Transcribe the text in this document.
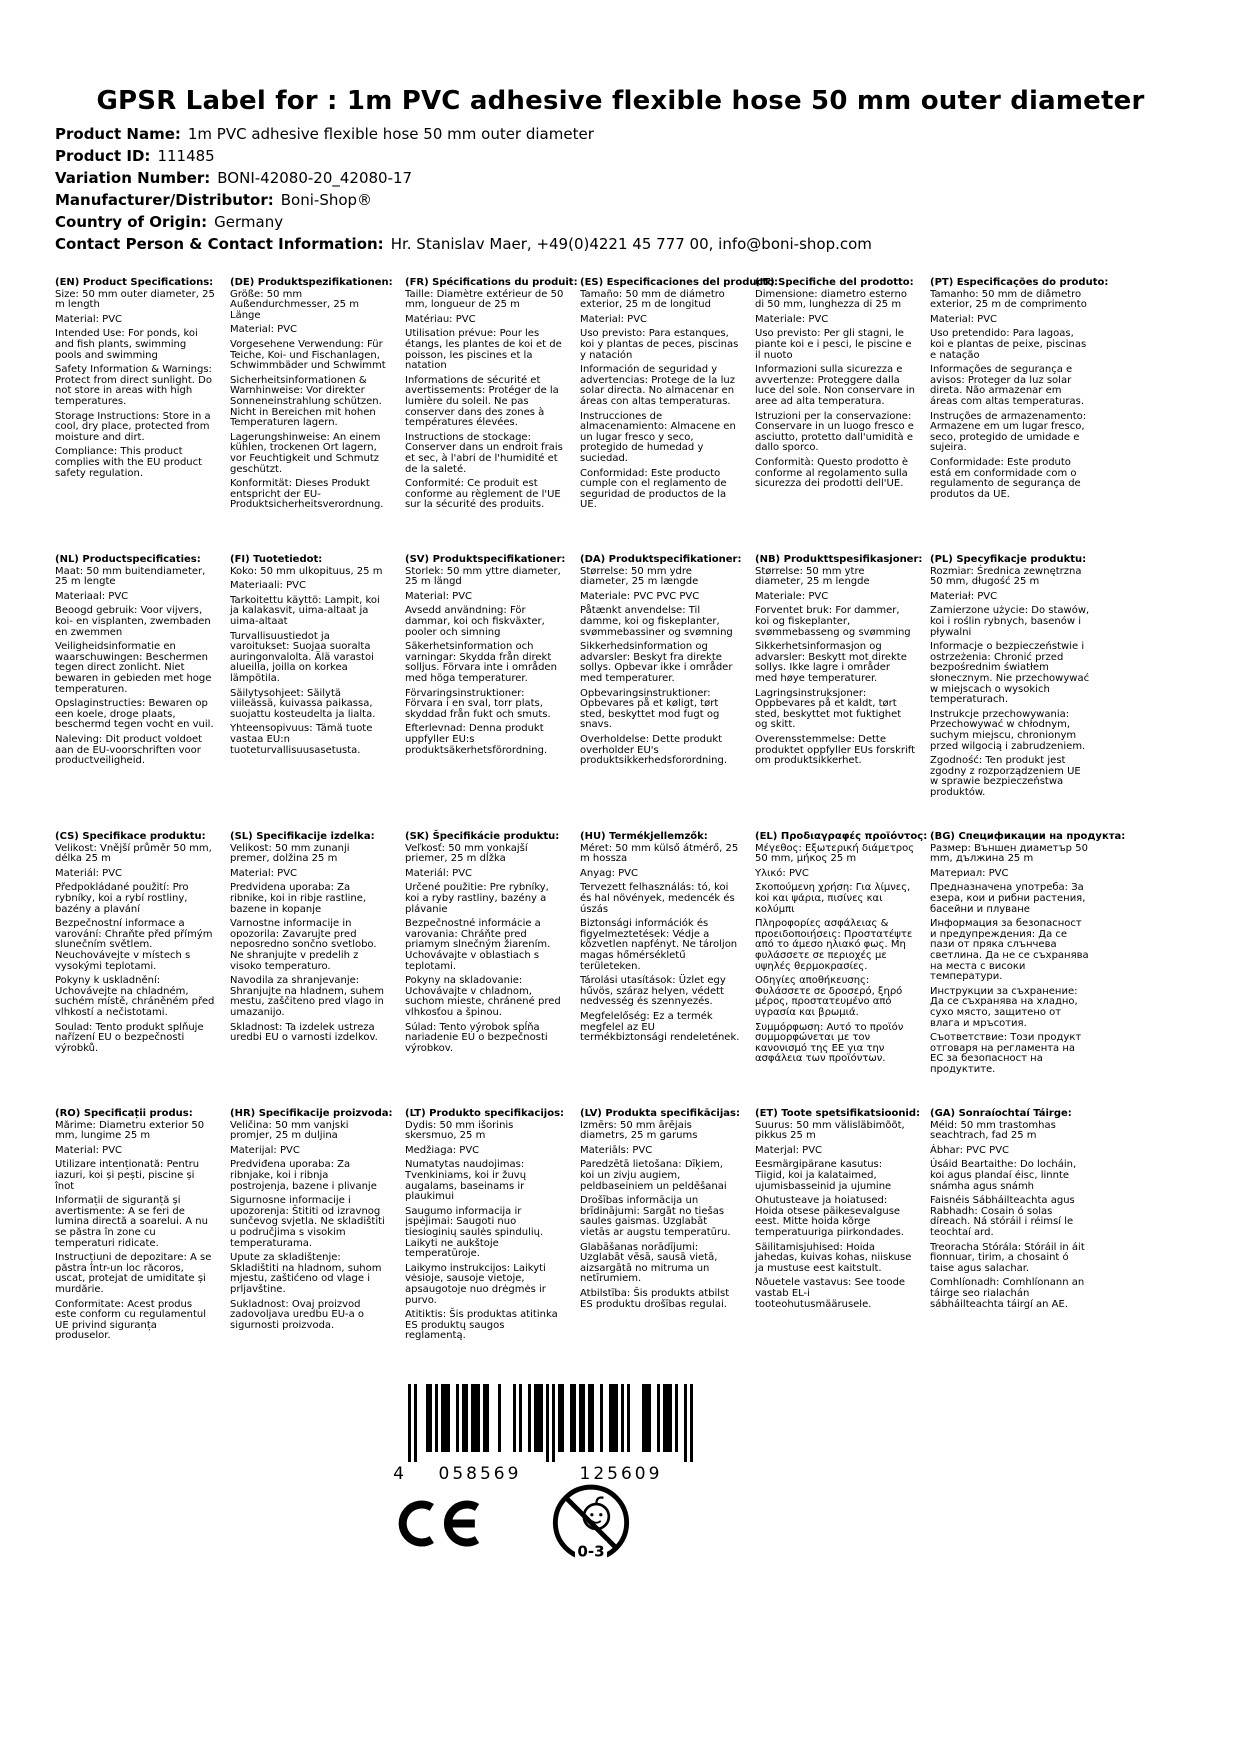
GPSR Label for : 1m PVC adhesive flexible hose 50 mm outer diameter
Product Name: 1m PVC adhesive flexible hose 50 mm outer diameter
Product ID: 111485
Variation Number: BONI-42080-20_42080-17
Manufacturer/Distributor: Boni-Shop®
Country of Origin: Germany
Contact Person & Contact Information: Hr. Stanislav Maer, +49(0)4221 45 777 00, info@boni-shop.com
(EN) Product Specifications:

Size: 50 mm outer diameter, 25 m length

Material: PVC

Intended Use: For ponds, koi and fish plants, swimming pools and swimming

Safety Information & Warnings: Protect from direct sunlight. Do not store in areas with high temperatures.

Storage Instructions: Store in a cool, dry place, protected from moisture and dirt.

Compliance: This product complies with the EU product safety regulation.

(DE) Produktspezifikationen:

Größe: 50 mm Außendurchmesser, 25 m Länge

Material: PVC

Vorgesehene Verwendung: Für Teiche, Koi- und Fischanlagen, Schwimmbäder und Schwimmt

Sicherheitsinformationen & Warnhinweise: Vor direkter Sonneneinstrahlung schützen. Nicht in Bereichen mit hohen Temperaturen lagern.

Lagerungshinweise: An einem kühlen, trockenen Ort lagern, vor Feuchtigkeit und Schmutz geschützt.

Konformität: Dieses Produkt entspricht der EU-Produktsicherheitsverordnung.

(FR) Spécifications du produit:

Taille: Diamètre extérieur de 50 mm, longueur de 25 m

Matériau: PVC

Utilisation prévue: Pour les étangs, les plantes de koi et de poisson, les piscines et la natation

Informations de sécurité et avertissements: Protéger de la lumière du soleil. Ne pas conserver dans des zones à températures élevées.

Instructions de stockage: Conserver dans un endroit frais et sec, à l'abri de l'humidité et de la saleté.

Conformité: Ce produit est conforme au règlement de l'UE sur la sécurité des produits.

(ES) Especificaciones del producto:

Tamaño: 50 mm de diámetro exterior, 25 m de longitud

Material: PVC

Uso previsto: Para estanques, koi y plantas de peces, piscinas y natación

Información de seguridad y advertencias: Protege de la luz solar directa. No almacenar en áreas con altas temperaturas.

Instrucciones de almacenamiento: Almacene en un lugar fresco y seco, protegido de humedad y suciedad.

Conformidad: Este producto cumple con el reglamento de seguridad de productos de la UE.

(IT) Specifiche del prodotto:

Dimensione: diametro esterno di 50 mm, lunghezza di 25 m

Materiale: PVC

Uso previsto: Per gli stagni, le piante koi e i pesci, le piscine e il nuoto

Informazioni sulla sicurezza e avvertenze: Proteggere dalla luce del sole. Non conservare in aree ad alta temperatura.

Istruzioni per la conservazione: Conservare in un luogo fresco e asciutto, protetto dall'umidità e dallo sporco.

Conformità: Questo prodotto è conforme al regolamento sulla sicurezza dei prodotti dell'UE.

(PT) Especificações do produto:

Tamanho: 50 mm de diâmetro exterior, 25 m de comprimento

Material: PVC

Uso pretendido: Para lagoas, koi e plantas de peixe, piscinas e natação

Informações de segurança e avisos: Proteger da luz solar direta. Não armazenar em áreas com altas temperaturas.

Instruções de armazenamento: Armazene em um lugar fresco, seco, protegido de umidade e sujeira.

Conformidade: Este produto está em conformidade com o regulamento de segurança de produtos da UE.

(NL) Productspecificaties:

Maat: 50 mm buitendiameter, 25 m lengte

Materiaal: PVC

Beoogd gebruik: Voor vijvers, koi- en visplanten, zwembaden en zwemmen

Veiligheidsinformatie en waarschuwingen: Beschermen tegen direct zonlicht. Niet bewaren in gebieden met hoge temperaturen.

Opslaginstructies: Bewaren op een koele, droge plaats, beschermd tegen vocht en vuil.

Naleving: Dit product voldoet aan de EU-voorschriften voor productveiligheid.

(FI) Tuotetiedot:

Koko: 50 mm ulkopituus, 25 m

Materiaali: PVC

Tarkoitettu käyttö: Lampit, koi ja kalakasvit, uima-altaat ja uima-altaat

Turvallisuustiedot ja varoitukset: Suojaa suoralta auringonvalolta. Älä varastoi alueilla, joilla on korkea lämpötila.

Säilytysohjeet: Säilytä viileässä, kuivassa paikassa, suojattu kosteudelta ja lialta.

Yhteensopivuus: Tämä tuote vastaa EU:n tuoteturvallisuusasetusta.

(SV) Produktspecifikationer:

Storlek: 50 mm yttre diameter, 25 m längd

Material: PVC

Avsedd användning: För dammar, koi och fiskväxter, pooler och simning

Säkerhetsinformation och varningar: Skydda från direkt solljus. Förvara inte i områden med höga temperaturer.

Förvaringsinstruktioner: Förvara i en sval, torr plats, skyddad från fukt och smuts.

Efterlevnad: Denna produkt uppfyller EU:s produktsäkerhetsförordning.

(DA) Produktspecifikationer:

Størrelse: 50 mm ydre diameter, 25 m længde

Materiale: PVC PVC PVC

Påtænkt anvendelse: Til damme, koi og fiskeplanter, svømmebassiner og svømning

Sikkerhedsinformation og advarsler: Beskyt fra direkte sollys. Opbevar ikke i områder med temperaturer.

Opbevaringsinstruktioner: Opbevares på et køligt, tørt sted, beskyttet mod fugt og snavs.

Overholdelse: Dette produkt overholder EU's produktsikkerhedsforordning.

(NB) Produkttspesifikasjoner:

Størrelse: 50 mm ytre diameter, 25 m lengde

Materiale: PVC

Forventet bruk: For dammer, koi og fiskeplanter, svømmebasseng og svømming

Sikkerhetsinformasjon og advarsler: Beskytt mot direkte sollys. Ikke lagre i områder med høye temperaturer.

Lagringsinstruksjoner: Oppbevares på et kaldt, tørt sted, beskyttet mot fuktighet og skitt.

Overensstemmelse: Dette produktet oppfyller EUs forskrift om produktsikkerhet.

(PL) Specyfikacje produktu:

Rozmiar: Średnica zewnętrzna 50 mm, długość 25 m

Materiał: PVC

Zamierzone użycie: Do stawów, koi i roślin rybnych, basenów i pływalni

Informacje o bezpieczeństwie i ostrzeżenia: Chronić przed bezpośrednim światłem słonecznym. Nie przechowywać w miejscach o wysokich temperaturach.

Instrukcje przechowywania: Przechowywać w chłodnym, suchym miejscu, chronionym przed wilgocią i zabrudzeniem.

Zgodność: Ten produkt jest zgodny z rozporządzeniem UE w sprawie bezpieczeństwa produktów.

(CS) Specifikace produktu:

Velikost: Vnější průměr 50 mm, délka 25 m

Materiál: PVC

Předpokládané použití: Pro rybníky, koi a rybí rostliny, bazény a plavání

Bezpečnostní informace a varování: Chraňte před přímým slunečním světlem. Neuchovávejte v místech s vysokými teplotami.

Pokyny k uskladnění: Uchovávejte na chladném, suchém místě, chráněném před vlhkostí a nečistotami.

Soulad: Tento produkt splňuje nařízení EU o bezpečnosti výrobků.

(SL) Specifikacije izdelka:

Velikost: 50 mm zunanji premer, dolžina 25 m

Material: PVC

Predvidena uporaba: Za ribnike, koi in ribje rastline, bazene in kopanje

Varnostne informacije in opozorila: Zavarujte pred neposredno sončno svetlobo. Ne shranjujte v predelih z visoko temperaturo.

Navodila za shranjevanje: Shranjujte na hladnem, suhem mestu, zaščiteno pred vlago in umazanijo.

Skladnost: Ta izdelek ustreza uredbi EU o varnosti izdelkov.

(SK) Špecifikácie produktu:

Veľkosť: 50 mm vonkajší priemer, 25 m dĺžka

Materiál: PVC

Určené použitie: Pre rybníky, koi a ryby rastliny, bazény a plávanie

Bezpečnostné informácie a varovania: Chráňte pred priamym slnečným žiarením. Uchovávajte v oblastiach s teplotami.

Pokyny na skladovanie: Uchovávajte v chladnom, suchom mieste, chránené pred vlhkosťou a špinou.

Súlad: Tento výrobok spĺňa nariadenie EÚ o bezpečnosti výrobkov.

(HU) Termékjellemzők:

Méret: 50 mm külső átmérő, 25 m hossza

Anyag: PVC

Tervezett felhasználás: tó, koi és hal növények, medencék és úszás

Biztonsági információk és figyelmeztetések: Védje a közvetlen napfényt. Ne tároljon magas hőmérsékletű területeken.

Tárolási utasítások: Üzlet egy hűvös, száraz helyen, védett nedvesség és szennyezés.

Megfelelőség: Ez a termék megfelel az EU termékbiztonsági rendeletének.

(EL) Προδιαγραφές προϊόντος:

Μέγεθος: Εξωτερική διάμετρος 50 mm, μήκος 25 m

Υλικό: PVC

Σκοπούμενη χρήση: Για λίμνες, koi και ψάρια, πισίνες και κολύμπι

Πληροφορίες ασφάλειας & προειδοποιήσεις: Προστατέψτε από το άμεσο ηλιακό φως. Μη φυλάσσετε σε περιοχές με υψηλές θερμοκρασίες.

Οδηγίες αποθήκευσης: Φυλάσσετε σε δροσερό, ξηρό μέρος, προστατευμένο από υγρασία και βρωμιά.

Συμμόρφωση: Αυτό το προϊόν συμμορφώνεται με τον κανονισμό της ΕΕ για την ασφάλεια των προϊόντων.

(BG) Спецификации на продукта:

Размер: Външен диаметър 50 mm, дължина 25 m

Материал: PVC

Предназначена употреба: За езера, кои и рибни растения, басейни и плуване

Информация за безопасност и предупреждения: Да се пази от пряка слънчева светлина. Да не се съхранява на места с високи температури.

Инструкции за съхранение: Да се съхранява на хладно, сухо място, защитено от влага и мръсотия.

Съответствие: Този продукт отговаря на регламента на ЕС за безопасност на продуктите.

(RO) Specificații produs:

Mărime: Diametru exterior 50 mm, lungime 25 m

Material: PVC

Utilizare intenționată: Pentru iazuri, koi și pești, piscine și înot

Informații de siguranță și avertismente: A se feri de lumina directă a soarelui. A nu se păstra în zone cu temperaturi ridicate.

Instrucțiuni de depozitare: A se păstra într-un loc răcoros, uscat, protejat de umiditate și murdărie.

Conformitate: Acest produs este conform cu regulamentul UE privind siguranța produselor.

(HR) Specifikacije proizvoda:

Veličina: 50 mm vanjski promjer, 25 m duljina

Materijal: PVC

Predviđena uporaba: Za ribnjake, koi i ribnja postrojenja, bazene i plivanje

Sigurnosne informacije i upozorenja: Štititi od izravnog sunčevog svjetla. Ne skladištiti u područjima s visokim temperaturama.

Upute za skladištenje: Skladištiti na hladnom, suhom mjestu, zaštićeno od vlage i prljavštine.

Sukladnost: Ovaj proizvod zadovoljava uredbu EU-a o sigurnosti proizvoda.

(LT) Produkto specifikacijos:

Dydis: 50 mm išorinis skersmuo, 25 m

Medžiaga: PVC

Numatytas naudojimas: Tvenkiniams, koi ir žuvų augalams, baseinams ir plaukimui

Saugumo informacija ir įspėjimai: Saugoti nuo tiesioginių saulės spindulių. Laikyti ne aukštoje temperatūroje.

Laikymo instrukcijos: Laikyti vėsioje, sausoje vietoje, apsaugotoje nuo drėgmės ir purvo.

Atitiktis: Šis produktas atitinka ES produktų saugos reglamentą.

(LV) Produkta specifikācijas:

Izmērs: 50 mm ārējais diametrs, 25 m garums

Materiāls: PVC

Paredzētā lietošana: Dīķiem, koi un zivju augiem, peldbaseiniem un peldēšanai

Drošības informācija un brīdinājumi: Sargāt no tiešas saules gaismas. Uzglabāt vietās ar augstu temperatūru.

Glabāšanas norādījumi: Uzglabāt vēsā, sausā vietā, aizsargātā no mitruma un netīrumiem.

Atbilstība: Šis produkts atbilst ES produktu drošības regulai.

(ET) Toote spetsifikatsioonid:

Suurus: 50 mm välisläbimõõt, pikkus 25 m

Materjal: PVC

Eesmärgipärane kasutus: Tiigid, koi ja kalataimed, ujumisbasseinid ja ujumine

Ohutusteave ja hoiatused: Hoida otsese päikesevalguse eest. Mitte hoida kõrge temperatuuriga piirkondades.

Säilitamisjuhised: Hoida jahedas, kuivas kohas, niiskuse ja mustuse eest kaitstult.

Nõuetele vastavus: See toode vastab EL-i tooteohutusmäärusele.

(GA) Sonraíochtaí Táirge:

Méid: 50 mm trastomhas seachtrach, fad 25 m

Ábhar: PVC PVC

Úsáid Beartaithe: Do locháin, koi agus plandaí éisc, linnte snámha agus snámh

Faisnéis Sábháilteachta agus Rabhadh: Cosain ó solas díreach. Ná stóráil i réimsí le teochtaí ard.

Treoracha Stórála: Stóráil in áit fionnuar, tirim, a chosaint ó taise agus salachar.

Comhlíonadh: Comhlíonann an táirge seo rialachán sábháilteachta táirgí an AE.

4 058569	125609
0-3
